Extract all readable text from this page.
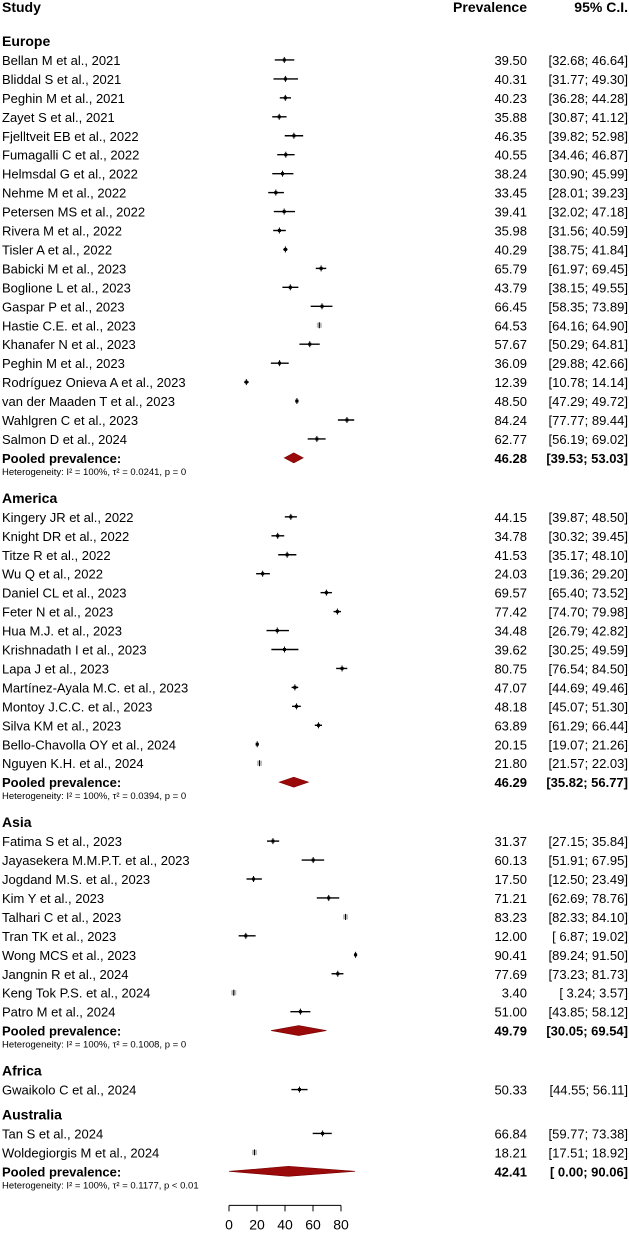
Study	Prevalence	95% C.I.
Europe
Bellan M et al., 2021	39.50 [32.68; 46.64]
Bliddal S et al., 2021	40.31 [31.77; 49.30]
Peghin M et al., 2021	40.23 [36.28; 44.28]
Zayet S et al., 2021	35.88 [30.87; 41.12]
Fjelltveit EB et al., 2022	46.35 [39.82; 52.98]
Fumagalli C et al., 2022	40.55 [34.46; 46.87]
Helmsdal G et al., 2022	38.24 [30.90; 45.99]
Nehme M et al., 2022	33.45 [28.01; 39.23]
Petersen MS et al., 2022	39.41 [32.02; 47.18]
Rivera M et al., 2022	35.98 [31.56; 40.59]
Tisler A et al., 2022	40.29 [38.75; 41.84]
Babicki M et al., 2023	65.79 [61.97; 69.45]
Boglione L et al., 2023	43.79 [38.15; 49.55]
Gaspar P et al., 2023	66.45 [58.35; 73.89]
Hastie C.E. et al., 2023	64.53 [64.16; 64.90]
Khanafer N et al., 2023	57.67 [50.29; 64.81]
Peghin M et al., 2023	36.09 [29.88; 42.66]
Rodríguez Onieva A et al., 2023	12.39 [10.78; 14.14]
van der Maaden T et al., 2023	48.50 [47.29; 49.72]
Wahlgren C et al., 2023	84.24 [77.77; 89.44]
Salmon D et al., 2024	62.77 [56.19; 69.02]
Pooled prevalence:	46.28 [39.53; 53.03]
Heterogeneity: I² = 100%, τ² = 0.0241, p = 0
America
Kingery JR et al., 2022	44.15 [39.87; 48.50]
Knight DR et al., 2022	34.78 [30.32; 39.45]
Titze R et al., 2022	41.53 [35.17; 48.10]
Wu Q et al., 2022	24.03 [19.36; 29.20]
Daniel CL et al., 2023	69.57 [65.40; 73.52]
Feter N et al., 2023	77.42 [74.70; 79.98]
Hua M.J. et al., 2023	34.48 [26.79; 42.82]
Krishnadath I et al., 2023	39.62 [30.25; 49.59]
Lapa J et al., 2023	80.75 [76.54; 84.50]
Martínez-Ayala M.C. et al., 2023	47.07 [44.69; 49.46]
Montoy J.C.C. et al., 2023	48.18 [45.07; 51.30]
Silva KM et al., 2023	63.89 [61.29; 66.44]
Bello-Chavolla OY et al., 2024	20.15 [19.07; 21.26]
Nguyen K.H. et al., 2024	21.80 [21.57; 22.03]
Pooled prevalence:	46.29 [35.82; 56.77]
Heterogeneity: I² = 100%, τ² = 0.0394, p = 0
Asia
Fatima S et al., 2023	31.37 [27.15; 35.84]
Jayasekera M.M.P.T. et al., 2023	60.13 [51.91; 67.95]
Jogdand M.S. et al., 2023	17.50 [12.50; 23.49]
Kim Y et al., 2023	71.21 [62.69; 78.76]
Talhari C et al., 2023	83.23 [82.33; 84.10]
Tran TK et al., 2023	12.00 [ 6.87; 19.02]
Wong MCS et al., 2023	90.41 [89.24; 91.50]
Jangnin R et al., 2024	77.69 [73.23; 81.73]
Keng Tok P.S. et al., 2024	3.40 [ 3.24; 3.57]
Patro M et al., 2024	51.00 [43.85; 58.12]
Pooled prevalence:	49.79 [30.05; 69.54]
Heterogeneity: I² = 100%, τ² = 0.1008, p = 0
Africa
Gwaikolo C et al., 2024	50.33 [44.55; 56.11]
Australia
Tan S et al., 2024	66.84 [59.77; 73.38]
Woldegiorgis M et al., 2024	18.21 [17.51; 18.92]
Pooled prevalence:	42.41 [ 0.00; 90.06]
Heterogeneity: I² = 100%, τ² = 0.1177, p < 0.01
0 20 40 60 80
